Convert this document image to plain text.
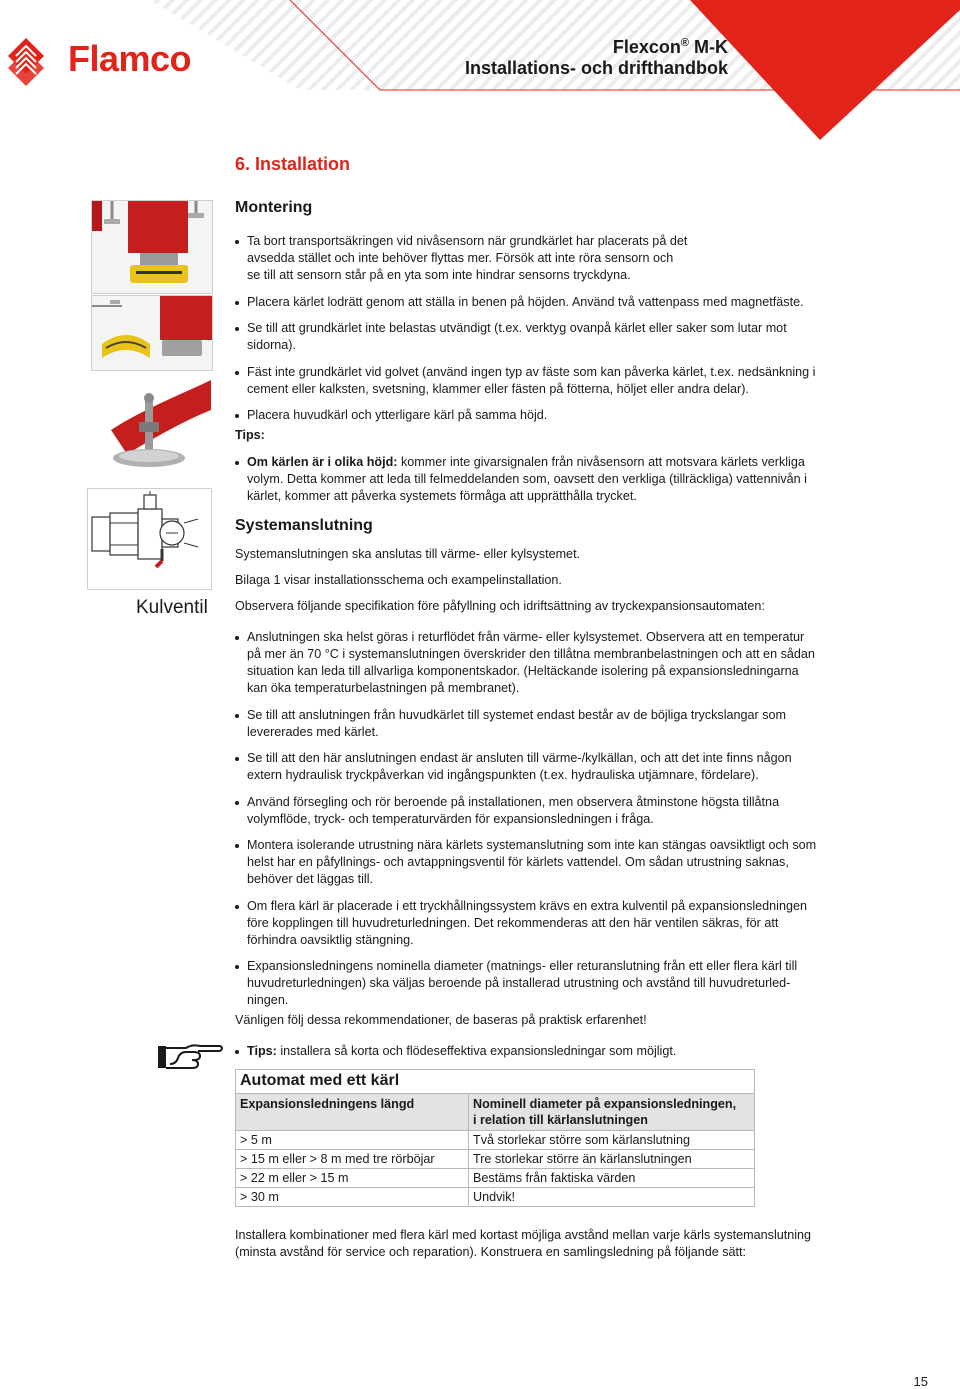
Flamco	Flexcon® M-K
Installations- och drifthandbok
6. Installation
Kulventil
Montering
Ta bort transportsäkringen vid nivåsensorn när grundkärlet har placerats på det
avsedda stället och inte behöver flyttas mer. Försök att inte röra sensorn och
se till att sensorn står på en yta som inte hindrar sensorns tryckdyna.
Placera kärlet lodrätt genom att ställa in benen på höjden. Använd två vattenpass med magnetfäste.
Se till att grundkärlet inte belastas utvändigt (t.ex. verktyg ovanpå kärlet eller saker som lutar mot
sidorna).
Fäst inte grundkärlet vid golvet (använd ingen typ av fäste som kan påverka kärlet, t.ex. nedsänkning i
cement eller kalksten, svetsning, klammer eller fästen på fötterna, höljet eller andra delar).
Placera huvudkärl och ytterligare kärl på samma höjd.
Tips:
Om kärlen är i olika höjd: kommer inte givarsignalen från nivåsensorn att motsvara kärlets verkliga
volym. Detta kommer att leda till felmeddelanden som, oavsett den verkliga (tillräckliga) vattennivån i
kärlet, kommer att påverka systemets förmåga att upprätthålla trycket.
Systemanslutning
Systemanslutningen ska anslutas till värme- eller kylsystemet.
Bilaga 1 visar installationsschema och exampelinstallation.
Observera följande specifikation före påfyllning och idriftsättning av tryckexpansionsautomaten:
Anslutningen ska helst göras i returflödet från värme- eller kylsystemet. Observera att en temperatur
på mer än 70 °C i systemanslutningen överskrider den tillåtna membranbelastningen och att en sådan
situation kan leda till allvarliga komponentskador. (Heltäckande isolering på expansionsledningarna
kan öka temperaturbelastningen på membranet).
Se till att anslutningen från huvudkärlet till systemet endast består av de böjliga tryckslangar som
levererades med kärlet.
Se till att den här anslutningen endast är ansluten till värme-/kylkällan, och att det inte finns någon
extern hydraulisk tryckpåverkan vid ingångspunkten (t.ex. hydrauliska utjämnare, fördelare).
Använd försegling och rör beroende på installationen, men observera åtminstone högsta tillåtna
volymflöde, tryck- och temperaturvärden för expansionsledningen i fråga.
Montera isolerande utrustning nära kärlets systemanslutning som inte kan stängas oavsiktligt och som
helst har en påfyllnings- och avtappningsventil för kärlets vattendel. Om sådan utrustning saknas,
behöver det läggas till.
Om flera kärl är placerade i ett tryckhållningssystem krävs en extra kulventil på expansionsledningen
före kopplingen till huvudreturledningen. Det rekommenderas att den här ventilen säkras, för att
förhindra oavsiktlig stängning.
Expansionsledningens nominella diameter (matnings- eller returanslutning från ett eller flera kärl till
huvudreturledningen) ska väljas beroende på installerad utrustning och avstånd till huvudreturled-
ningen.
Vänligen följ dessa rekommendationer, de baseras på praktisk erfarenhet!
Tips: installera så korta och flödeseffektiva expansionsledningar som möjligt.
Automat med ett kärl
Expansionsledningens längd	Nominell diameter på expansionsledningen,
i relation till kärlanslutningen

> 5 m	Två storlekar större som kärlanslutning
> 15 m eller > 8 m med tre rörböjar	Tre storlekar större än kärlanslutningen
> 22 m eller > 15 m	Bestäms från faktiska värden
> 30 m	Undvik!
Installera kombinationer med flera kärl med kortast möjliga avstånd mellan varje kärls systemanslutning
(minsta avstånd för service och reparation). Konstruera en samlingsledning på följande sätt:
15
